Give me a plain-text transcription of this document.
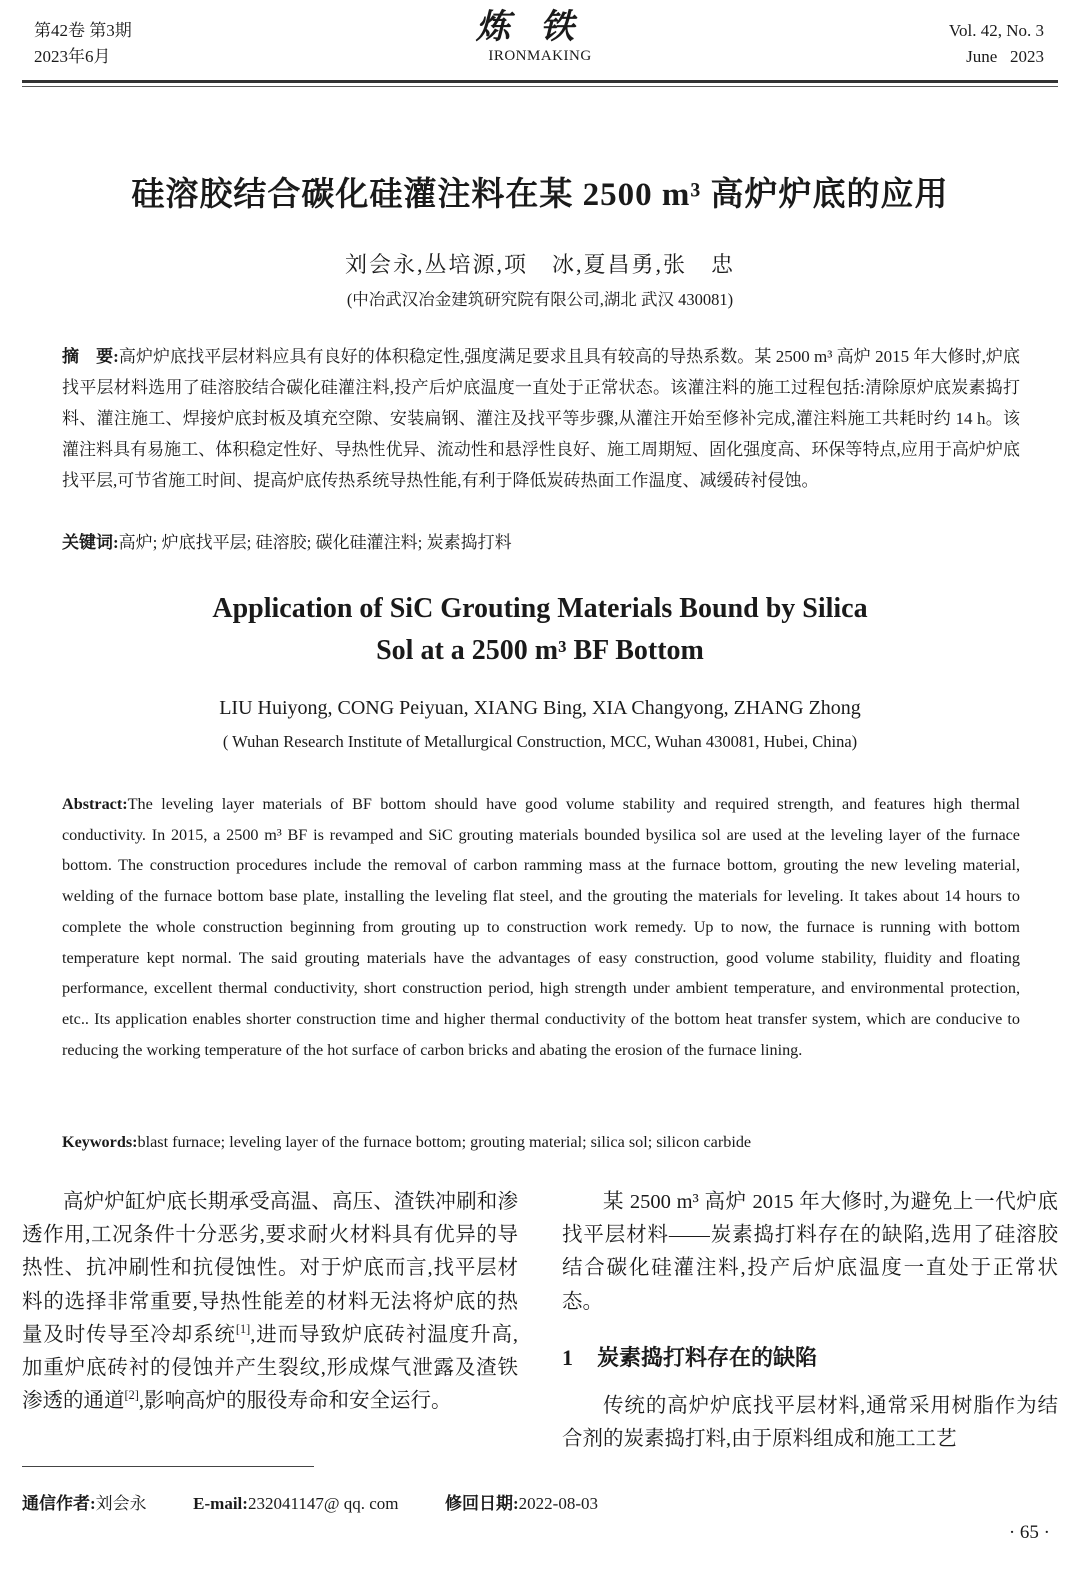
第42卷 第3期
2023年6月
炼铁
IRONMAKING
Vol. 42, No. 3
June   2023
硅溶胶结合碳化硅灌注料在某 2500 m³ 高炉炉底的应用
刘会永,丛培源,项　冰,夏昌勇,张　忠
(中冶武汉冶金建筑研究院有限公司,湖北 武汉 430081)
摘　要:高炉炉底找平层材料应具有良好的体积稳定性,强度满足要求且具有较高的导热系数。某 2500 m³ 高炉 2015 年大修时,炉底找平层材料选用了硅溶胶结合碳化硅灌注料,投产后炉底温度一直处于正常状态。该灌注料的施工过程包括:清除原炉底炭素捣打料、灌注施工、焊接炉底封板及填充空隙、安装扁钢、灌注及找平等步骤,从灌注开始至修补完成,灌注料施工共耗时约 14 h。该灌注料具有易施工、体积稳定性好、导热性优异、流动性和悬浮性良好、施工周期短、固化强度高、环保等特点,应用于高炉炉底找平层,可节省施工时间、提高炉底传热系统导热性能,有利于降低炭砖热面工作温度、减缓砖衬侵蚀。
关键词:高炉; 炉底找平层; 硅溶胶; 碳化硅灌注料; 炭素捣打料
Application of SiC Grouting Materials Bound by Silica
Sol at a 2500 m³ BF Bottom
LIU Huiyong, CONG Peiyuan, XIANG Bing, XIA Changyong, ZHANG Zhong
( Wuhan Research Institute of Metallurgical Construction, MCC, Wuhan 430081, Hubei, China)
Abstract:The leveling layer materials of BF bottom should have good volume stability and required strength, and features high thermal conductivity. In 2015, a 2500 m³ BF is revamped and SiC grouting materials bounded bysilica sol are used at the leveling layer of the furnace bottom. The construction procedures include the removal of carbon ramming mass at the furnace bottom, grouting the new leveling material, welding of the furnace bottom base plate, installing the leveling flat steel, and the grouting the materials for leveling. It takes about 14 hours to complete the whole construction beginning from grouting up to construction work remedy. Up to now, the furnace is running with bottom temperature kept normal. The said grouting materials have the advantages of easy construction, good volume stability, fluidity and floating performance, excellent thermal conductivity, short construction period, high strength under ambient temperature, and environmental protection, etc.. Its application enables shorter construction time and higher thermal conductivity of the bottom heat transfer system, which are conducive to reducing the working temperature of the hot surface of carbon bricks and abating the erosion of the furnace lining.
Keywords:blast furnace; leveling layer of the furnace bottom; grouting material; silica sol; silicon carbide

高炉炉缸炉底长期承受高温、高压、渣铁冲刷和渗透作用,工况条件十分恶劣,要求耐火材料具有优异的导热性、抗冲刷性和抗侵蚀性。对于炉底而言,找平层材料的选择非常重要,导热性能差的材料无法将炉底的热量及时传导至冷却系统[1],进而导致炉底砖衬温度升高,加重炉底砖衬的侵蚀并产生裂纹,形成煤气泄露及渣铁渗透的通道[2],影响高炉的服役寿命和安全运行。

某 2500 m³ 高炉 2015 年大修时,为避免上一代炉底找平层材料——炭素捣打料存在的缺陷,选用了硅溶胶结合碳化硅灌注料,投产后炉底温度一直处于正常状态。

1 炭素捣打料存在的缺陷

传统的高炉炉底找平层材料,通常采用树脂作为结合剂的炭素捣打料,由于原料组成和施工工艺

通信作者:刘会永	E-mail:232041147@ qq. com	修回日期:2022-08-03
· 65 ·
